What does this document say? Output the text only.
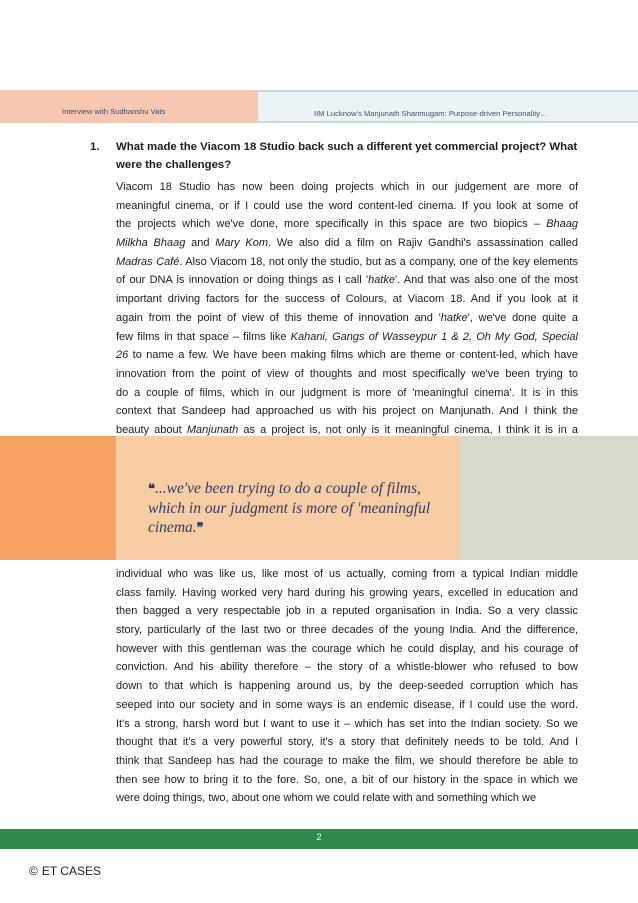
Interview with Sudhanshu Vats	IIM Lucknow's Manjunath Shanmugam: Purpose-driven Personality…
1. What made the Viacom 18 Studio back such a different yet commercial project? What
were the challenges?
Viacom 18 Studio has now been doing projects which in our judgement are more of
meaningful cinema, or if I could use the word content-led cinema. If you look at some of
the projects which we've done, more specifically in this space are two biopics – Bhaag
Milkha Bhaag and Mary Kom. We also did a film on Rajiv Gandhi's assassination called
Madras Café. Also Viacom 18, not only the studio, but as a company, one of the key elements
of our DNA is innovation or doing things as I call 'hatke'. And that was also one of the most
important driving factors for the success of Colours, at Viacom 18. And if you look at it
again from the point of view of this theme of innovation and 'hatke', we've done quite a
few films in that space – films like Kahani, Gangs of Wasseypur 1 & 2, Oh My God, Special
26 to name a few. We have been making films which are theme or content-led, which have
innovation from the point of view of thoughts and most specifically we've been trying to
do a couple of films, which in our judgment is more of 'meaningful cinema'. It is in this
context that Sandeep had approached us with his project on Manjunath. And I think the
beauty about Manjunath as a project is, not only is it meaningful cinema, I think it is in a
❝...we've been trying to do a couple of films,
which in our judgment is more of 'meaningful
cinema.❞
individual who was like us, like most of us actually, coming from a typical Indian middle
class family. Having worked very hard during his growing years, excelled in education and
then bagged a very respectable job in a reputed organisation in India. So a very classic
story, particularly of the last two or three decades of the young India. And the difference,
however with this gentleman was the courage which he could display, and his courage of
conviction. And his ability therefore – the story of a whistle-blower who refused to bow
down to that which is happening around us, by the deep-seeded corruption which has
seeped into our society and in some ways is an endemic disease, if I could use the word.
It's a strong, harsh word but I want to use it – which has set into the Indian society. So we
thought that it's a very powerful story, it's a story that definitely needs to be told. And I
think that Sandeep has had the courage to make the film, we should therefore be able to
then see how to bring it to the fore. So, one, a bit of our history in the space in which we
were doing things, two, about one whom we could relate with and something which we
2
© ET CASES
